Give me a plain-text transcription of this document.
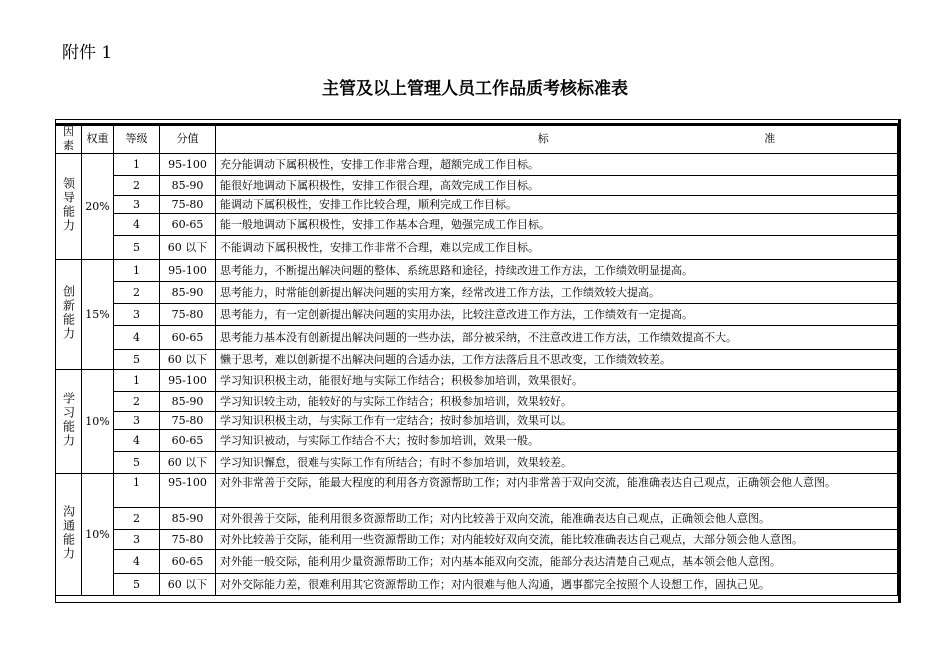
附件 1
主管及以上管理人员工作品质考核标准表
因素	权重	等级	分值	标 准
领导能力	20%	1	95-100	充分能调动下属积极性，安排工作非常合理，超额完成工作目标。
		2	85-90	能很好地调动下属积极性，安排工作很合理，高效完成工作目标。
		3	75-80	能调动下属积极性，安排工作比较合理，顺利完成工作目标。
		4	60-65	能一般地调动下属积极性，安排工作基本合理，勉强完成工作目标。
		5	60 以下	不能调动下属积极性，安排工作非常不合理，难以完成工作目标。
创新能力	15%	1	95-100	思考能力，不断提出解决问题的整体、系统思路和途径，持续改进工作方法，工作绩效明显提高。
		2	85-90	思考能力，时常能创新提出解决问题的实用方案，经常改进工作方法，工作绩效较大提高。
		3	75-80	思考能力，有一定创新提出解决问题的实用办法，比较注意改进工作方法，工作绩效有一定提高。
		4	60-65	思考能力基本没有创新提出解决问题的一些办法，部分被采纳，不注意改进工作方法，工作绩效提高不大。
		5	60 以下	懒于思考，难以创新提不出解决问题的合适办法，工作方法落后且不思改变，工作绩效较差。
学习能力	10%	1	95-100	学习知识积极主动，能很好地与实际工作结合；积极参加培训，效果很好。
		2	85-90	学习知识较主动，能较好的与实际工作结合；积极参加培训，效果较好。
		3	75-80	学习知识积极主动，与实际工作有一定结合；按时参加培训，效果可以。
		4	60-65	学习知识被动，与实际工作结合不大；按时参加培训，效果一般。
		5	60 以下	学习知识懈怠，很难与实际工作有所结合；有时不参加培训，效果较差。
沟通能力	10%	1	95-100	对外非常善于交际，能最大程度的利用各方资源帮助工作；对内非常善于双向交流，能准确表达自己观点，正确领会他人意图。
		2	85-90	对外很善于交际，能利用很多资源帮助工作；对内比较善于双向交流，能准确表达自己观点，正确领会他人意图。
		3	75-80	对外比较善于交际，能利用一些资源帮助工作；对内能较好双向交流，能比较准确表达自己观点，大部分领会他人意图。
		4	60-65	对外能一般交际，能利用少量资源帮助工作；对内基本能双向交流，能部分表达清楚自己观点，基本领会他人意图。
		5	60 以下	对外交际能力差，很难利用其它资源帮助工作；对内很难与他人沟通，遇事都完全按照个人设想工作，固执己见。
